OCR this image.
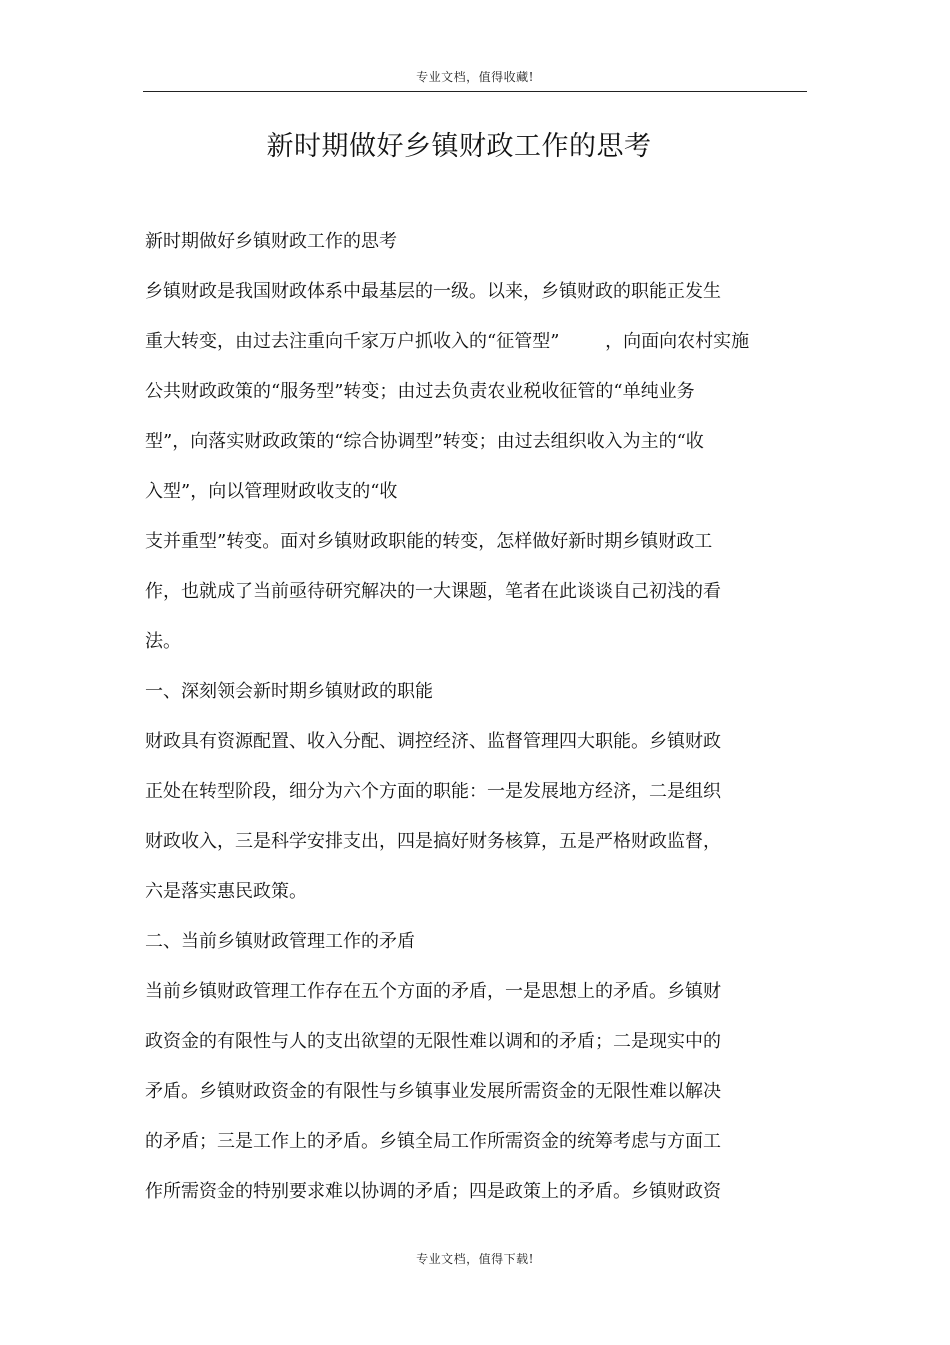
专业文档，值得收藏!
新时期做好乡镇财政工作的思考
新时期做好乡镇财政工作的思考
乡镇财政是我国财政体系中最基层的一级。以来，乡镇财政的职能正发生
重大转变，由过去注重向千家万户抓收入的“征管型”        ，向面向农村实施
公共财政政策的“服务型”转变；由过去负责农业税收征管的“单纯业务
型”，向落实财政政策的“综合协调型”转变；由过去组织收入为主的“收
入型”，向以管理财政收支的“收
支并重型”转变。面对乡镇财政职能的转变，怎样做好新时期乡镇财政工
作，也就成了当前亟待研究解决的一大课题，笔者在此谈谈自己初浅的看
法。
一、深刻领会新时期乡镇财政的职能
财政具有资源配置、收入分配、调控经济、监督管理四大职能。乡镇财政
正处在转型阶段，细分为六个方面的职能：一是发展地方经济，二是组织
财政收入，三是科学安排支出，四是搞好财务核算，五是严格财政监督，
六是落实惠民政策。
二、当前乡镇财政管理工作的矛盾
当前乡镇财政管理工作存在五个方面的矛盾，一是思想上的矛盾。乡镇财
政资金的有限性与人的支出欲望的无限性难以调和的矛盾；二是现实中的
矛盾。乡镇财政资金的有限性与乡镇事业发展所需资金的无限性难以解决
的矛盾；三是工作上的矛盾。乡镇全局工作所需资金的统筹考虑与方面工
作所需资金的特别要求难以协调的矛盾；四是政策上的矛盾。乡镇财政资
专业文档，值得下载!
